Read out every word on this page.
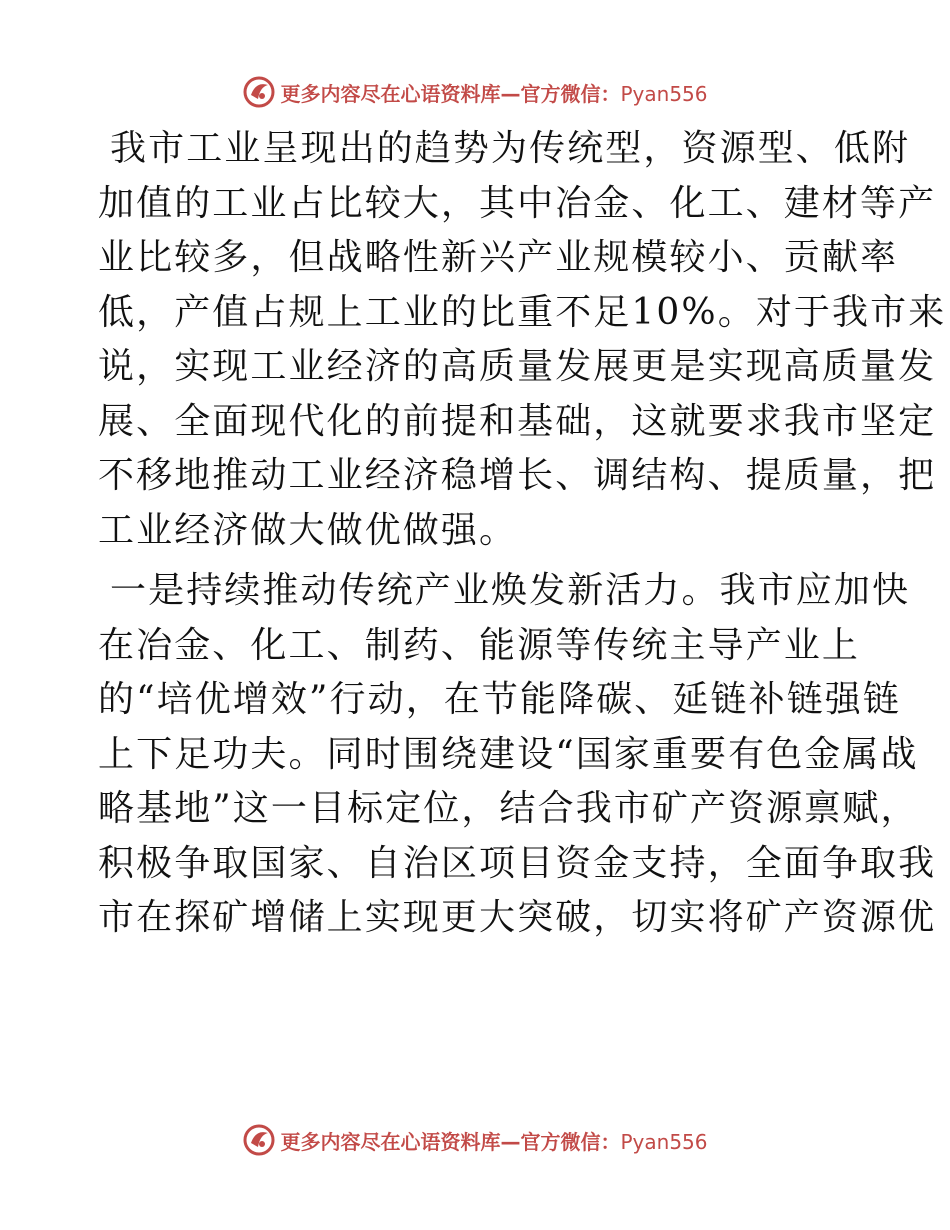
更多内容尽在心语资料库—官方微信：Pyan556
我市工业呈现出的趋势为传统型，资源型、低附
加值的工业占比较大，其中冶金、化工、建材等产
业比较多，但战略性新兴产业规模较小、贡献率
低，产值占规上工业的比重不足10%。对于我市来
说，实现工业经济的高质量发展更是实现高质量发
展、全面现代化的前提和基础，这就要求我市坚定
不移地推动工业经济稳增长、调结构、提质量，把
工业经济做大做优做强。
一是持续推动传统产业焕发新活力。我市应加快
在冶金、化工、制药、能源等传统主导产业上
的“培优增效”行动，在节能降碳、延链补链强链
上下足功夫。同时围绕建设“国家重要有色金属战
略基地”这一目标定位，结合我市矿产资源禀赋，
积极争取国家、自治区项目资金支持，全面争取我
市在探矿增储上实现更大突破，切实将矿产资源优
更多内容尽在心语资料库—官方微信：Pyan556
